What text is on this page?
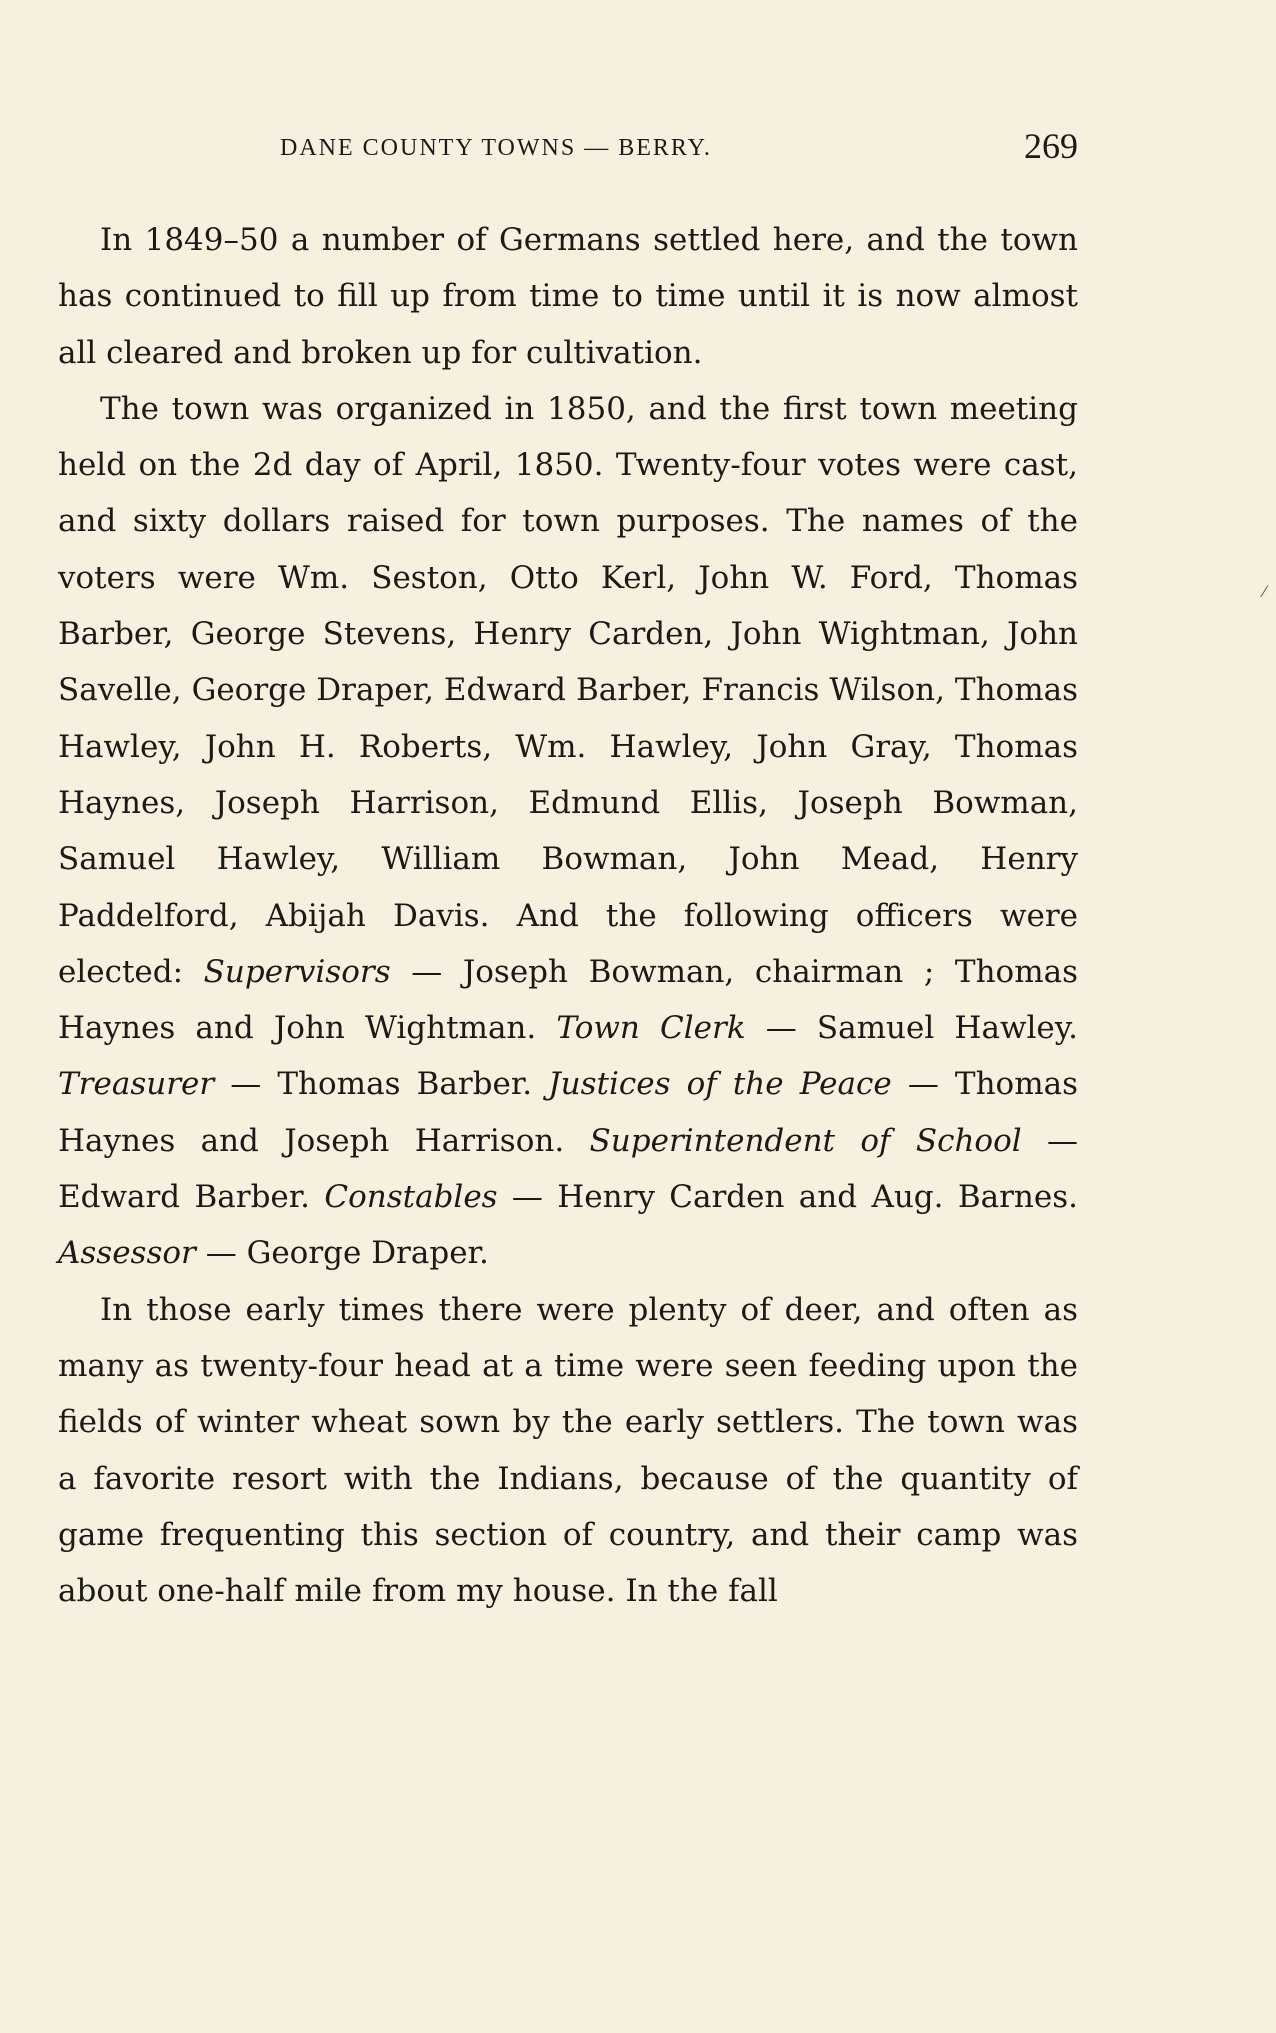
DANE COUNTY TOWNS — BERRY.	269

In 1849–50 a number of Germans settled here, and the town has continued to fill up from time to time until it is now almost all cleared and broken up for cultivation.

The town was organized in 1850, and the first town meeting held on the 2d day of April, 1850. Twenty-four votes were cast, and sixty dollars raised for town purposes. The names of the voters were Wm. Seston, Otto Kerl, John W. Ford, Thomas Barber, George Stevens, Henry Carden, John Wightman, John Savelle, George Draper, Edward Barber, Francis Wilson, Thomas Hawley, John H. Roberts, Wm. Hawley, John Gray, Thomas Haynes, Joseph Harrison, Edmund Ellis, Joseph Bowman, Samuel Hawley, William Bowman, John Mead, Henry Paddelford, Abijah Davis. And the following officers were elected: Supervisors — Joseph Bowman, chairman ; Thomas Haynes and John Wightman. Town Clerk — Samuel Hawley. Treasurer — Thomas Barber. Justices of the Peace — Thomas Haynes and Joseph Harrison. Superintendent of School — Edward Barber. Constables — Henry Carden and Aug. Barnes. Assessor — George Draper.

In those early times there were plenty of deer, and often as many as twenty-four head at a time were seen feeding upon the fields of winter wheat sown by the early settlers. The town was a favorite resort with the Indians, because of the quantity of game frequenting this section of country, and their camp was about one-half mile from my house. In the fall

⁄
